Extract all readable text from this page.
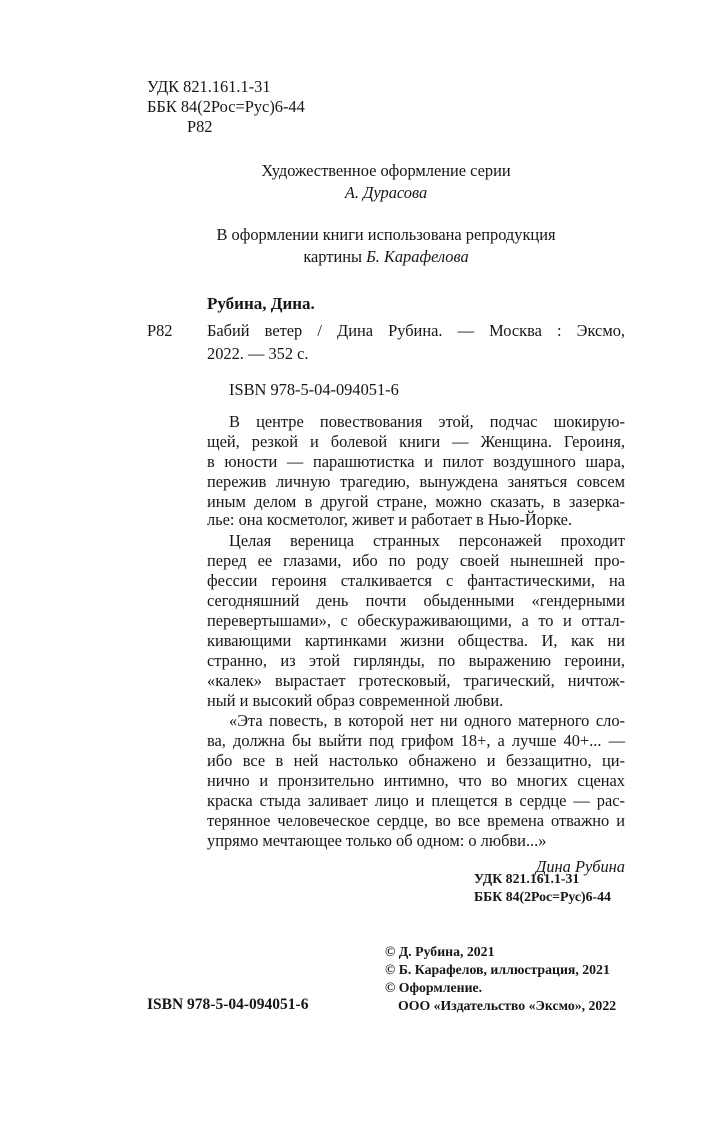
УДК 821.161.1-31
ББК 84(2Рос=Рус)6-44
Р82
Художественное оформление серии
А. Дурасова
В оформлении книги использована репродукция
картины Б. Карафелова
Рубина, Дина.
Р82 Бабий ветер / Дина Рубина. — Москва : Эксмо,
2022. — 352 с.
ISBN 978-5-04-094051-6
В центре повествования этой, подчас шокирую-
щей, резкой и болевой книги — Женщина. Героиня,
в юности — парашютистка и пилот воздушного шара,
пережив личную трагедию, вынуждена заняться совсем
иным делом в другой стране, можно сказать, в зазерка-
лье: она косметолог, живет и работает в Нью-Йорке.
Целая вереница странных персонажей проходит
перед ее глазами, ибо по роду своей нынешней про-
фессии героиня сталкивается с фантастическими, на
сегодняшний день почти обыденными «гендерными
перевертышами», с обескураживающими, а то и оттал-
кивающими картинками жизни общества. И, как ни
странно, из этой гирлянды, по выражению героини,
«калек» вырастает гротесковый, трагический, ничтож-
ный и высокий образ современной любви.
«Эта повесть, в которой нет ни одного матерного сло-
ва, должна бы выйти под грифом 18+, а лучше 40+... —
ибо все в ней настолько обнажено и беззащитно, ци-
нично и пронзительно интимно, что во многих сценах
краска стыда заливает лицо и плещется в сердце — рас-
терянное человеческое сердце, во все времена отважно и
упрямо мечтающее только об одном: о любви...»
Дина Рубина
УДК 821.161.1-31
ББК 84(2Рос=Рус)6-44
© Д. Рубина, 2021
© Б. Карафелов, иллюстрация, 2021
© Оформление.
ООО «Издательство «Эксмо», 2022
ISBN 978-5-04-094051-6
